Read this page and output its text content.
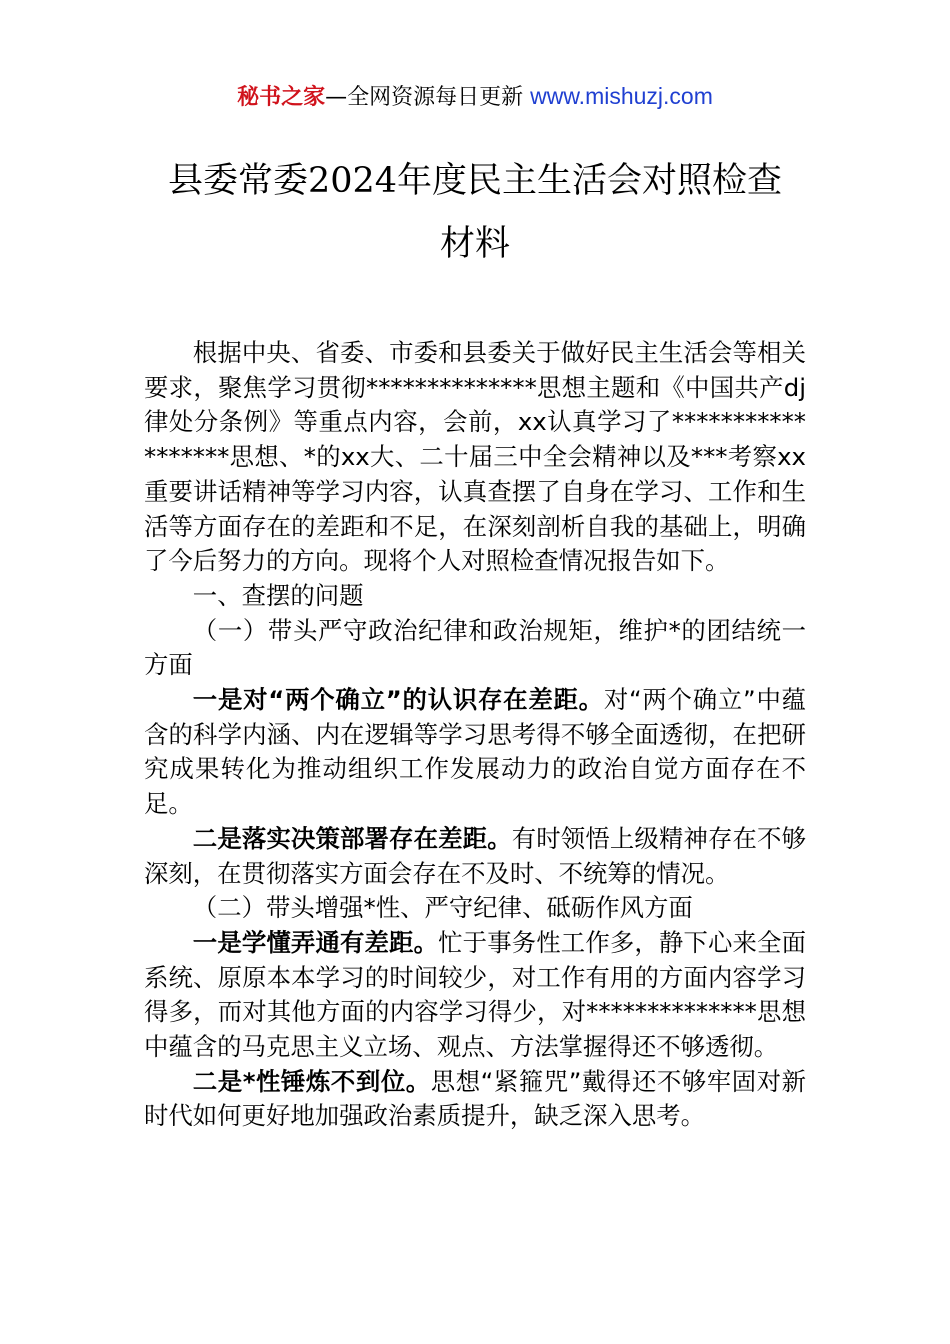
秘书之家—全网资源每日更新 www.mishuzj.com
县委常委2024年度民主生活会对照检查
材料

根据中央、省委、市委和县委关于做好民主生活会等相关要求，聚焦学习贯彻**************思想主题和《中国共产dj律处分条例》等重点内容，会前，xx认真学习了******************思想、*的xx大、二十届三中全会精神以及***考察xx重要讲话精神等学习内容，认真查摆了自身在学习、工作和生活等方面存在的差距和不足，在深刻剖析自我的基础上，明确了今后努力的方向。现将个人对照检查情况报告如下。

一、查摆的问题

（一）带头严守政治纪律和政治规矩，维护*的团结统一方面

一是对“两个确立”的认识存在差距。对“两个确立”中蕴含的科学内涵、内在逻辑等学习思考得不够全面透彻，在把研究成果转化为推动组织工作发展动力的政治自觉方面存在不足。

二是落实决策部署存在差距。有时领悟上级精神存在不够深刻，在贯彻落实方面会存在不及时、不统筹的情况。

（二）带头增强*性、严守纪律、砥砺作风方面

一是学懂弄通有差距。忙于事务性工作多，静下心来全面系统、原原本本学习的时间较少，对工作有用的方面内容学习得多，而对其他方面的内容学习得少，对**************思想中蕴含的马克思主义立场、观点、方法掌握得还不够透彻。

二是*性锤炼不到位。思想“紧箍咒”戴得还不够牢固对新时代如何更好地加强政治素质提升，缺乏深入思考。
